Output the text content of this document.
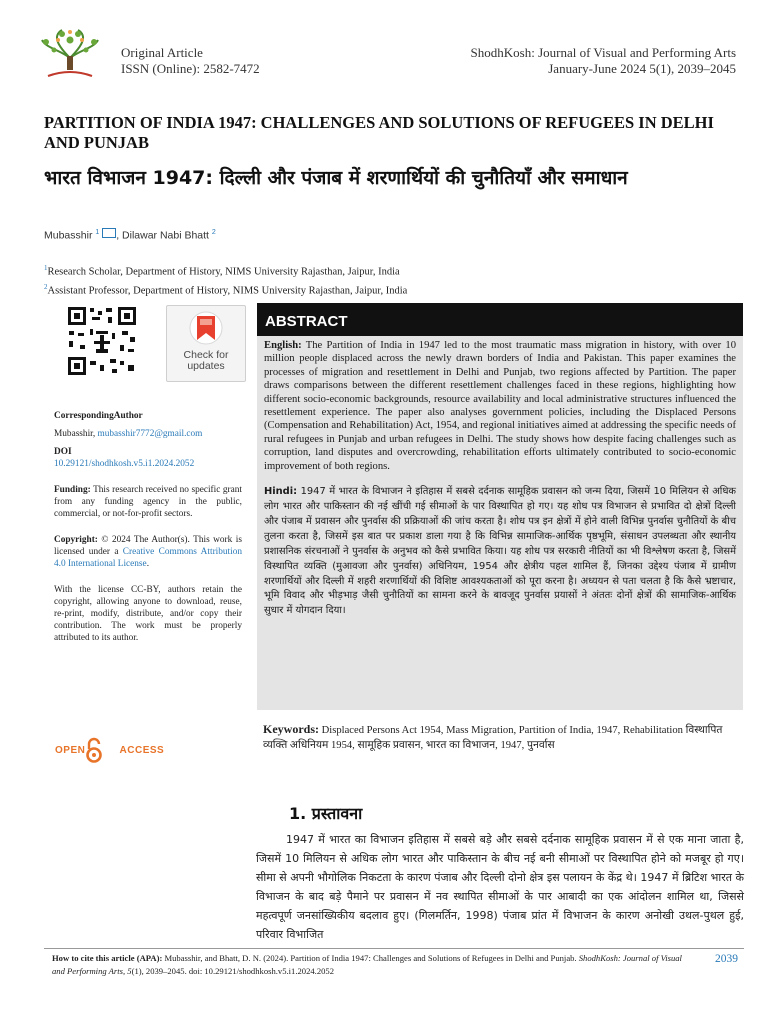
Original Article
ISSN (Online): 2582-7472
ShodhKosh: Journal of Visual and Performing Arts
January-June 2024 5(1), 2039–2045
PARTITION OF INDIA 1947: CHALLENGES AND SOLUTIONS OF REFUGEES IN DELHI AND PUNJAB
भारत विभाजन 1947: दिल्ली और पंजाब में शरणार्थियों की चुनौतियाँ और समाधान
Mubasshir $^1$ , Dilawar Nabi Bhatt $^2$
$^1$Research Scholar, Department of History, NIMS University Rajasthan, Jaipur, India
$^2$Assistant Professor, Department of History, NIMS University Rajasthan, Jaipur, India
Check for
updates

CorrespondingAuthor

Mubasshir, mubasshir7772@gmail.com

DOI

10.29121/shodhkosh.v5.i1.2024.2052

Funding: This research received no specific grant from any funding agency in the public, commercial, or not-for-profit sectors.

Copyright: © 2024 The Author(s). This work is licensed under a Creative Commons Attribution 4.0 International License.

With the license CC-BY, authors retain the copyright, allowing anyone to download, reuse, re-print, modify, distribute, and/or copy their contribution. The work must be properly attributed to its author.

OPEN  ACCESS
ABSTRACT

English: The Partition of India in 1947 led to the most traumatic mass migration in history, with over 10 million people displaced across the newly drawn borders of India and Pakistan. This paper examines the processes of migration and resettlement in Delhi and Punjab, two regions affected by Partition. The paper draws comparisons between the different resettlement challenges faced in these regions, highlighting how different socio-economic backgrounds, resource availability and local administrative structures influenced the resettlement experience. The paper also analyses government policies, including the Displaced Persons (Compensation and Rehabilitation) Act, 1954, and regional initiatives aimed at addressing the specific needs of rural refugees in Punjab and urban refugees in Delhi. The study shows how despite facing challenges such as corruption, land disputes and overcrowding, rehabilitation efforts ultimately contributed to socio-economic improvement of both regions.

Hindi: 1947 में भारत के विभाजन ने इतिहास में सबसे दर्दनाक सामूहिक प्रवासन को जन्म दिया, जिसमें 10 मिलियन से अधिक लोग भारत और पाकिस्तान की नई खींची गई सीमाओं के पार विस्थापित हो गए। यह शोध पत्र विभाजन से प्रभावित दो क्षेत्रों दिल्ली और पंजाब में प्रवासन और पुनर्वास की प्रक्रियाओं की जांच करता है। शोध पत्र इन क्षेत्रों में होने वाली विभिन्न पुनर्वास चुनौतियों के बीच तुलना करता है, जिसमें इस बात पर प्रकाश डाला गया है कि विभिन्न सामाजिक-आर्थिक पृष्ठभूमि, संसाधन उपलब्धता और स्थानीय प्रशासनिक संरचनाओं ने पुनर्वास के अनुभव को कैसे प्रभावित किया। यह शोध पत्र सरकारी नीतियों का भी विश्लेषण करता है, जिसमें विस्थापित व्यक्ति (मुआवजा और पुनर्वास) अधिनियम, 1954 और क्षेत्रीय पहल शामिल हैं, जिनका उद्देश्य पंजाब में ग्रामीण शरणार्थियों और दिल्ली में शहरी शरणार्थियों की विशिष्ट आवश्यकताओं को पूरा करना है। अध्ययन से पता चलता है कि कैसे भ्रष्टाचार, भूमि विवाद और भीड़भाड़ जैसी चुनौतियों का सामना करने के बावजूद पुनर्वास प्रयासों ने अंततः दोनों क्षेत्रों की सामाजिक-आर्थिक सुधार में योगदान दिया।

Keywords: Displaced Persons Act 1954, Mass Migration, Partition of India, 1947, Rehabilitation विस्थापित व्यक्ति अधिनियम 1954, सामूहिक प्रवासन, भारत का विभाजन, 1947, पुनर्वास
1. प्रस्तावना
1947 में भारत का विभाजन इतिहास में सबसे बड़े और सबसे दर्दनाक सामूहिक प्रवासन में से एक माना जाता है, जिसमें 10 मिलियन से अधिक लोग भारत और पाकिस्तान के बीच नई बनी सीमाओं पर विस्थापित होने को मजबूर हो गए। सीमा से अपनी भौगोलिक निकटता के कारण पंजाब और दिल्ली दोनो क्षेत्र इस पलायन के केंद्र थे। 1947 में ब्रिटिश भारत के विभाजन के बाद बड़े पैमाने पर प्रवासन में नव स्थापित सीमाओं के पार आबादी का एक आंदोलन शामिल था, जिससे महत्वपूर्ण जनसांख्यिकीय बदलाव हुए। (गिलमर्तिन, 1998) पंजाब प्रांत में विभाजन के कारण अनोखी उथल-पुथल हुई, परिवार विभाजित
How to cite this article (APA): Mubasshir, and Bhatt, D. N. (2024). Partition of India 1947: Challenges and Solutions of Refugees in Delhi and Punjab. ShodhKosh: Journal of Visual and Performing Arts, 5(1), 2039–2045. doi: 10.29121/shodhkosh.v5.i1.2024.2052
2039
